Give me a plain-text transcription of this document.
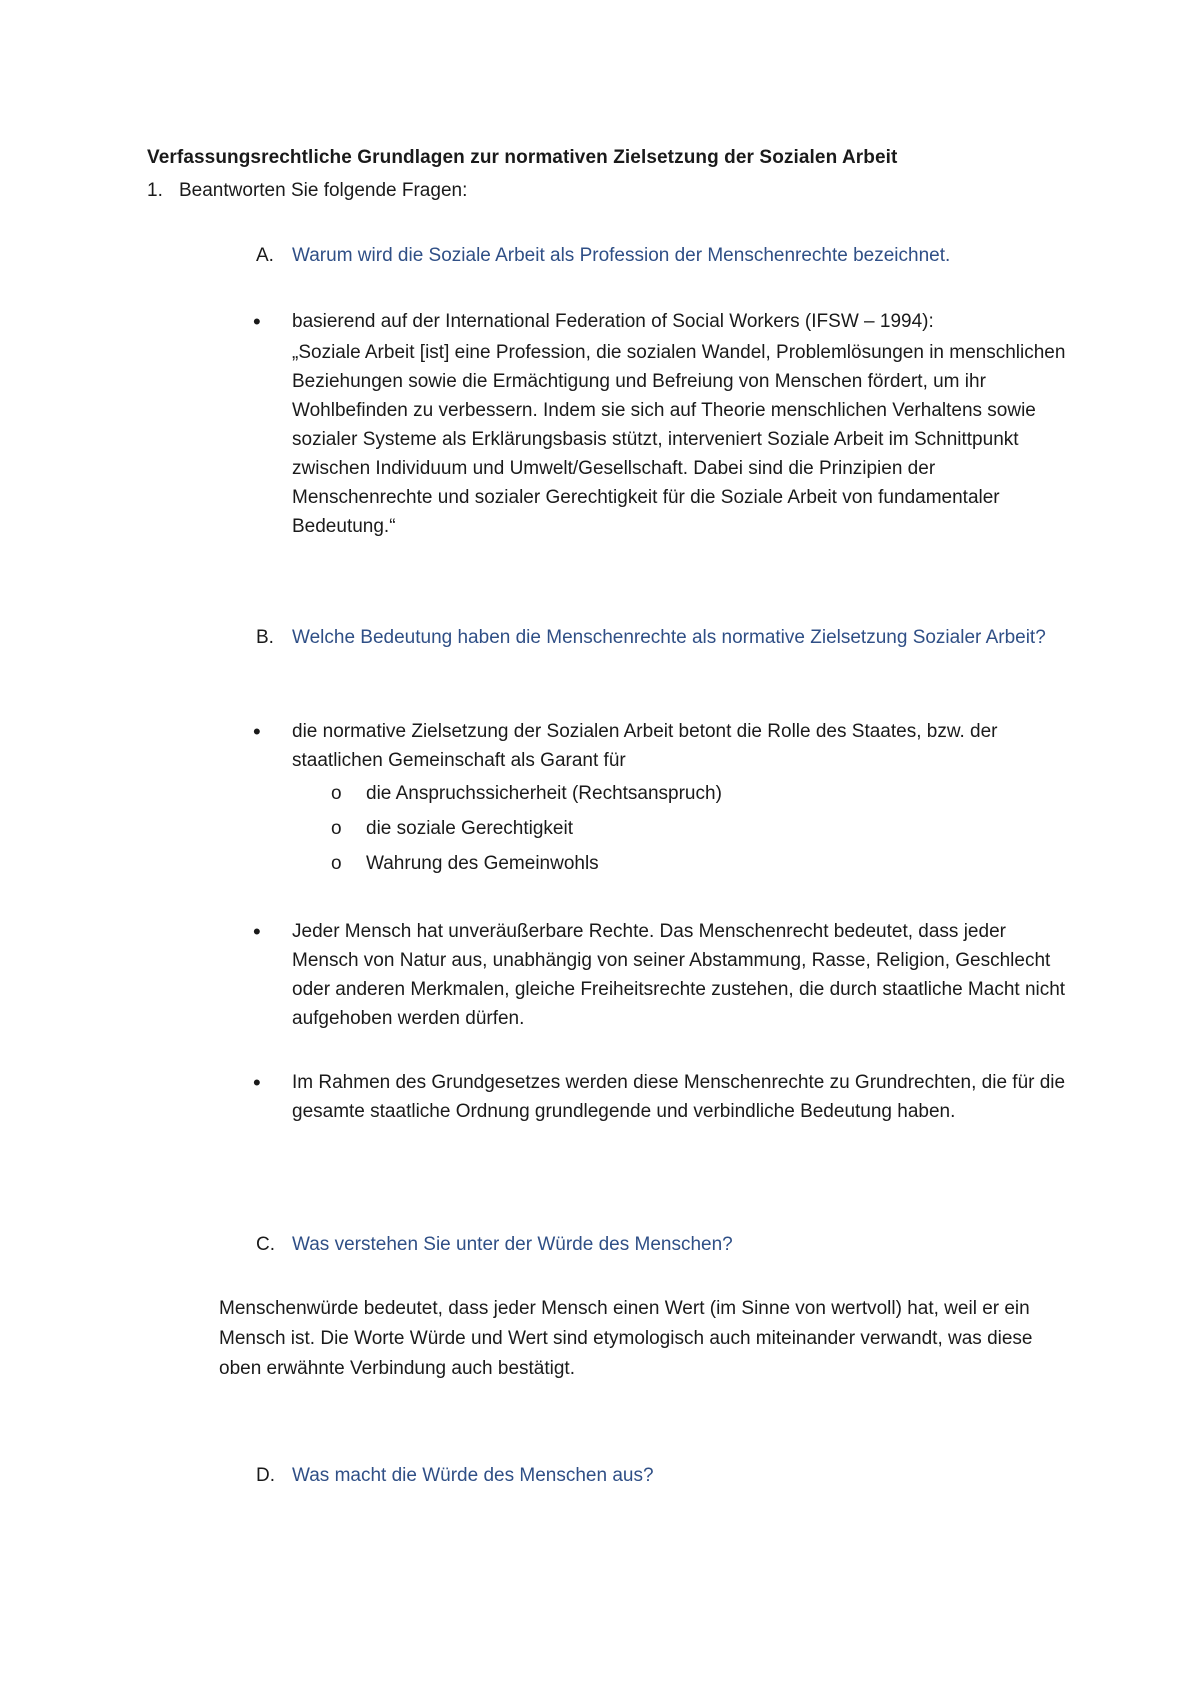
Verfassungsrechtliche Grundlagen zur normativen Zielsetzung der Sozialen Arbeit
1. Beantworten Sie folgende Fragen:
A. Warum wird die Soziale Arbeit als Profession der Menschenrechte bezeichnet.
• basierend auf der International Federation of Social Workers (IFSW – 1994):

„Soziale Arbeit [ist] eine Profession, die sozialen Wandel, Problemlösungen in menschlichen Beziehungen sowie die Ermächtigung und Befreiung von Menschen fördert, um ihr Wohlbefinden zu verbessern. Indem sie sich auf Theorie menschlichen Verhaltens sowie sozialer Systeme als Erklärungsbasis stützt, interveniert Soziale Arbeit im Schnittpunkt zwischen Individuum und Umwelt/Gesellschaft. Dabei sind die Prinzipien der Menschenrechte und sozialer Gerechtigkeit für die Soziale Arbeit von fundamentaler Bedeutung.“

B. Welche Bedeutung haben die Menschenrechte als normative Zielsetzung Sozialer Arbeit?
•	die normative Zielsetzung der Sozialen Arbeit betont die Rolle des Staates, bzw. der staatlichen Gemeinschaft als Garant für
o	die Anspruchssicherheit (Rechtsanspruch)
o	die soziale Gerechtigkeit
o	Wahrung des Gemeinwohls
•	Jeder Mensch hat unveräußerbare Rechte. Das Menschenrecht bedeutet, dass jeder Mensch von Natur aus, unabhängig von seiner Abstammung, Rasse, Religion, Geschlecht oder anderen Merkmalen, gleiche Freiheitsrechte zustehen, die durch staatliche Macht nicht aufgehoben werden dürfen.
•	Im Rahmen des Grundgesetzes werden diese Menschenrechte zu Grundrechten, die für die gesamte staatliche Ordnung grundlegende und verbindliche Bedeutung haben.
C. Was verstehen Sie unter der Würde des Menschen?
Menschenwürde bedeutet, dass jeder Mensch einen Wert (im Sinne von wertvoll) hat, weil er ein Mensch ist. Die Worte Würde und Wert sind etymologisch auch miteinander verwandt, was diese oben erwähnte Verbindung auch bestätigt.
D. Was macht die Würde des Menschen aus?
